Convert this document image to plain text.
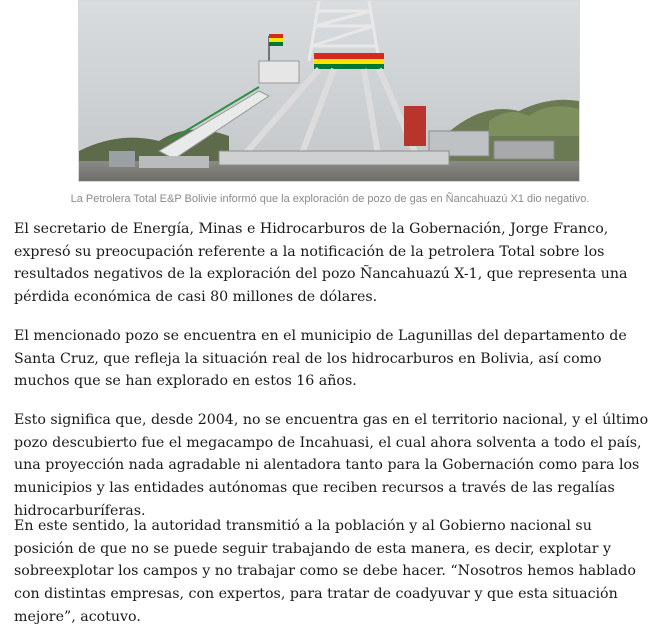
La Petrolera Total E&P Bolivie informó que la exploración de pozo de gas en Ñancahuazú X1 dio negativo.

El secretario de Energía, Minas e Hidrocarburos de la Gobernación, Jorge Franco, expresó su preocupación referente a la notificación de la petrolera Total sobre los resultados negativos de la exploración del pozo Ñancahuazú X-1, que representa una pérdida económica de casi 80 millones de dólares.

El mencionado pozo se encuentra en el municipio de Lagunillas del departamento de Santa Cruz, que refleja la situación real de los hidrocarburos en Bolivia, así como muchos que se han explorado en estos 16 años.

Esto significa que, desde 2004, no se encuentra gas en el territorio nacional, y el último pozo descubierto fue el megacampo de Incahuasi, el cual ahora solventa a todo el país, una proyección nada agradable ni alentadora tanto para la Gobernación como para los municipios y las entidades autónomas que reciben recursos a través de las regalías hidrocarburíferas.

En este sentido, la autoridad transmitió a la población y al Gobierno nacional su posición de que no se puede seguir trabajando de esta manera, es decir, explotar y sobreexplotar los campos y no trabajar como se debe hacer. “Nosotros hemos hablado con distintas empresas, con expertos, para tratar de coadyuvar y que esta situación mejore”, acotuvo.
